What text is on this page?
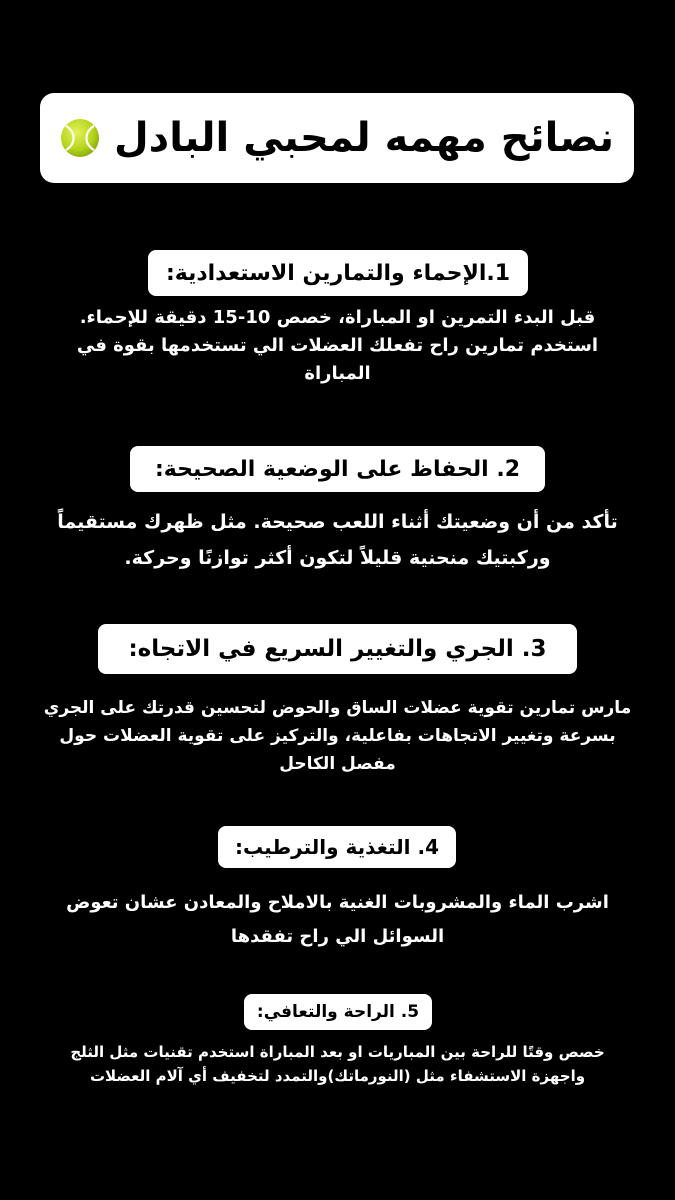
نصائح مهمه لمحبي البادل
1.الإحماء والتمارين الاستعدادية:
قبل البدء التمرين او المباراة، خصص 10-15 دقيقة للإحماء. استخدم تمارين راح تفعلك العضلات الي تستخدمها بقوة في المباراة
2. الحفاظ على الوضعية الصحيحة:
تأكد من أن وضعيتك أثناء اللعب صحيحة. مثل ظهرك مستقيماً وركبتيك منحنية قليلاً لتكون أكثر توازنًا وحركة.
3. الجري والتغيير السريع في الاتجاه:
مارس تمارين تقوية عضلات الساق والحوض لتحسين قدرتك على الجري بسرعة وتغيير الاتجاهات بفاعلية، والتركيز على تقوية العضلات حول مفصل الكاحل
4. التغذية والترطيب:
اشرب الماء والمشروبات الغنية بالاملاح والمعادن عشان تعوض السوائل الي راح تفقدها
5. الراحة والتعافي:
خصص وقتًا للراحة بين المباريات او بعد المباراة استخدم تقنيات مثل الثلج واجهزة الاستشفاء مثل (النورماتك)والتمدد لتخفيف أي آلام العضلات
